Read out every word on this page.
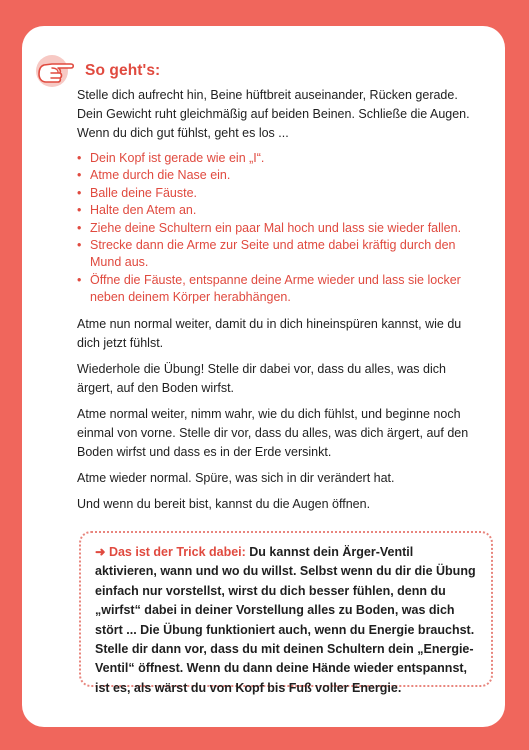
So geht's:

Stelle dich aufrecht hin, Beine hüftbreit auseinander, Rücken gerade. Dein Gewicht ruht gleichmäßig auf beiden Beinen. Schließe die Augen. Wenn du dich gut fühlst, geht es los ...

• Dein Kopf ist gerade wie ein „I“.
• Atme durch die Nase ein.
• Balle deine Fäuste.
• Halte den Atem an.
• Ziehe deine Schultern ein paar Mal hoch und lass sie wieder fallen.
• Strecke dann die Arme zur Seite und atme dabei kräftig durch den Mund aus.
• Öffne die Fäuste, entspanne deine Arme wieder und lass sie locker neben deinem Körper herabhängen.

Atme nun normal weiter, damit du in dich hineinspüren kannst, wie du dich jetzt fühlst.

Wiederhole die Übung! Stelle dir dabei vor, dass du alles, was dich ärgert, auf den Boden wirfst.

Atme normal weiter, nimm wahr, wie du dich fühlst, und beginne noch einmal von vorne. Stelle dir vor, dass du alles, was dich ärgert, auf den Boden wirfst und dass es in der Erde versinkt.

Atme wieder normal. Spüre, was sich in dir verändert hat.

Und wenn du bereit bist, kannst du die Augen öffnen.

➜ Das ist der Trick dabei: Du kannst dein Ärger-Ventil aktivieren, wann und wo du willst. Selbst wenn du dir die Übung einfach nur vorstellst, wirst du dich besser fühlen, denn du „wirfst“ dabei in deiner Vorstellung alles zu Boden, was dich stört ... Die Übung funktioniert auch, wenn du Energie brauchst. Stelle dir dann vor, dass du mit deinen Schultern dein „Energie-Ventil“ öffnest. Wenn du dann deine Hände wieder entspannst, ist es, als wärst du von Kopf bis Fuß voller Energie.
